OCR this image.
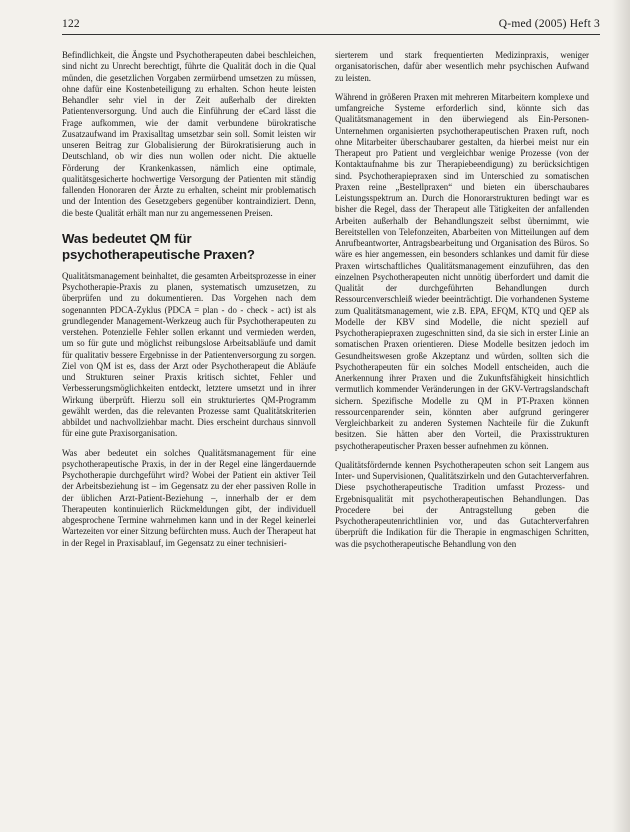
122	Q-med (2005) Heft 3

Befindlichkeit, die Ängste und Psychotherapeuten dabei beschleichen, sind nicht zu Unrecht berechtigt, führte die Qualität doch in die Qual münden, die gesetzlichen Vorgaben zermürbend umsetzen zu müssen, ohne dafür eine Kostenbeteiligung zu erhalten. Schon heute leisten Behandler sehr viel in der Zeit außerhalb der direkten Patientenversorgung. Und auch die Einführung der eCard lässt die Frage aufkommen, wie der damit verbundene bürokratische Zusatzaufwand im Praxisalltag umsetzbar sein soll. Somit leisten wir unseren Beitrag zur Globalisierung der Bürokratisierung auch in Deutschland, ob wir dies nun wollen oder nicht. Die aktuelle Förderung der Krankenkassen, nämlich eine optimale, qualitätsgesicherte hochwertige Versorgung der Patienten mit ständig fallenden Honoraren der Ärzte zu erhalten, scheint mir problematisch und der Intention des Gesetzgebers gegenüber kontraindiziert. Denn, die beste Qualität erhält man nur zu angemessenen Preisen.

Was bedeutet QM für psychotherapeutische Praxen?

Qualitätsmanagement beinhaltet, die gesamten Arbeitsprozesse in einer Psychotherapie-Praxis zu planen, systematisch umzusetzen, zu überprüfen und zu dokumentieren. Das Vorgehen nach dem sogenannten PDCA-Zyklus (PDCA = plan - do - check - act) ist als grundlegender Management-Werkzeug auch für Psychotherapeuten zu verstehen. Potenzielle Fehler sollen erkannt und vermieden werden, um so für gute und möglichst reibungslose Arbeitsabläufe und damit für qualitativ bessere Ergebnisse in der Patientenversorgung zu sorgen. Ziel von QM ist es, dass der Arzt oder Psychotherapeut die Abläufe und Strukturen seiner Praxis kritisch sichtet, Fehler und Verbesserungsmöglichkeiten entdeckt, letztere umsetzt und in ihrer Wirkung überprüft. Hierzu soll ein strukturiertes QM-Programm gewählt werden, das die relevanten Prozesse samt Qualitätskriterien abbildet und nachvollziehbar macht. Dies erscheint durchaus sinnvoll für eine gute Praxisorganisation.

Was aber bedeutet ein solches Qualitätsmanagement für eine psychotherapeutische Praxis, in der in der Regel eine längerdauernde Psychotherapie durchgeführt wird? Wobei der Patient ein aktiver Teil der Arbeitsbeziehung ist – im Gegensatz zu der eher passiven Rolle in der üblichen Arzt-Patient-Beziehung –, innerhalb der er dem Therapeuten kontinuierlich Rückmeldungen gibt, der individuell abgesprochene Termine wahrnehmen kann und in der Regel keinerlei Wartezeiten vor einer Sitzung befürchten muss. Auch der Therapeut hat in der Regel in Praxisablauf, im Gegensatz zu einer technisieri-

sierterem und stark frequentierten Medizinpraxis, weniger organisatorischen, dafür aber wesentlich mehr psychischen Aufwand zu leisten.

Während in größeren Praxen mit mehreren Mitarbeitern komplexe und umfangreiche Systeme erforderlich sind, könnte sich das Qualitätsmanagement in den überwiegend als Ein-Personen-Unternehmen organisierten psychotherapeutischen Praxen ruft, noch ohne Mitarbeiter überschaubarer gestalten, da hierbei meist nur ein Therapeut pro Patient und vergleichbar wenige Prozesse (von der Kontaktaufnahme bis zur Therapiebeendigung) zu berücksichtigen sind. Psychotherapiepraxen sind im Unterschied zu somatischen Praxen reine „Bestellpraxen“ und bieten ein überschaubares Leistungsspektrum an. Durch die Honorarstrukturen bedingt war es bisher die Regel, dass der Therapeut alle Tätigkeiten der anfallenden Arbeiten außerhalb der Behandlungszeit selbst übernimmt, wie Bereitstellen von Telefonzeiten, Abarbeiten von Mitteilungen auf dem Anrufbeantworter, Antragsbearbeitung und Organisation des Büros. So wäre es hier angemessen, ein besonders schlankes und damit für diese Praxen wirtschaftliches Qualitätsmanagement einzuführen, das den einzelnen Psychotherapeuten nicht unnötig überfordert und damit die Qualität der durchgeführten Behandlungen durch Ressourcenverschleiß wieder beeinträchtigt. Die vorhandenen Systeme zum Qualitätsmanagement, wie z.B. EPA, EFQM, KTQ und QEP als Modelle der KBV sind Modelle, die nicht speziell auf Psychotherapiepraxen zugeschnitten sind, da sie sich in erster Linie an somatischen Praxen orientieren. Diese Modelle besitzen jedoch im Gesundheitswesen große Akzeptanz und würden, sollten sich die Psychotherapeuten für ein solches Modell entscheiden, auch die Anerkennung ihrer Praxen und die Zukunftsfähigkeit hinsichtlich vermutlich kommender Veränderungen in der GKV-Vertragslandschaft sichern. Spezifische Modelle zu QM in PT-Praxen können ressourcenparender sein, könnten aber aufgrund geringerer Vergleichbarkeit zu anderen Systemen Nachteile für die Zukunft besitzen. Sie hätten aber den Vorteil, die Praxisstrukturen psychotherapeutischer Praxen besser aufnehmen zu können.

Qualitätsfördernde kennen Psychotherapeuten schon seit Langem aus Inter- und Supervisionen, Qualitätszirkeln und den Gutachterverfahren. Diese psychotherapeutische Tradition umfasst Prozess- und Ergebnisqualität mit psychotherapeutischen Behandlungen. Das Procedere bei der Antragstellung geben die Psychotherapeutenrichtlinien vor, und das Gutachterverfahren überprüft die Indikation für die Therapie in engmaschigen Schritten, was die psychotherapeutische Behandlung von den
